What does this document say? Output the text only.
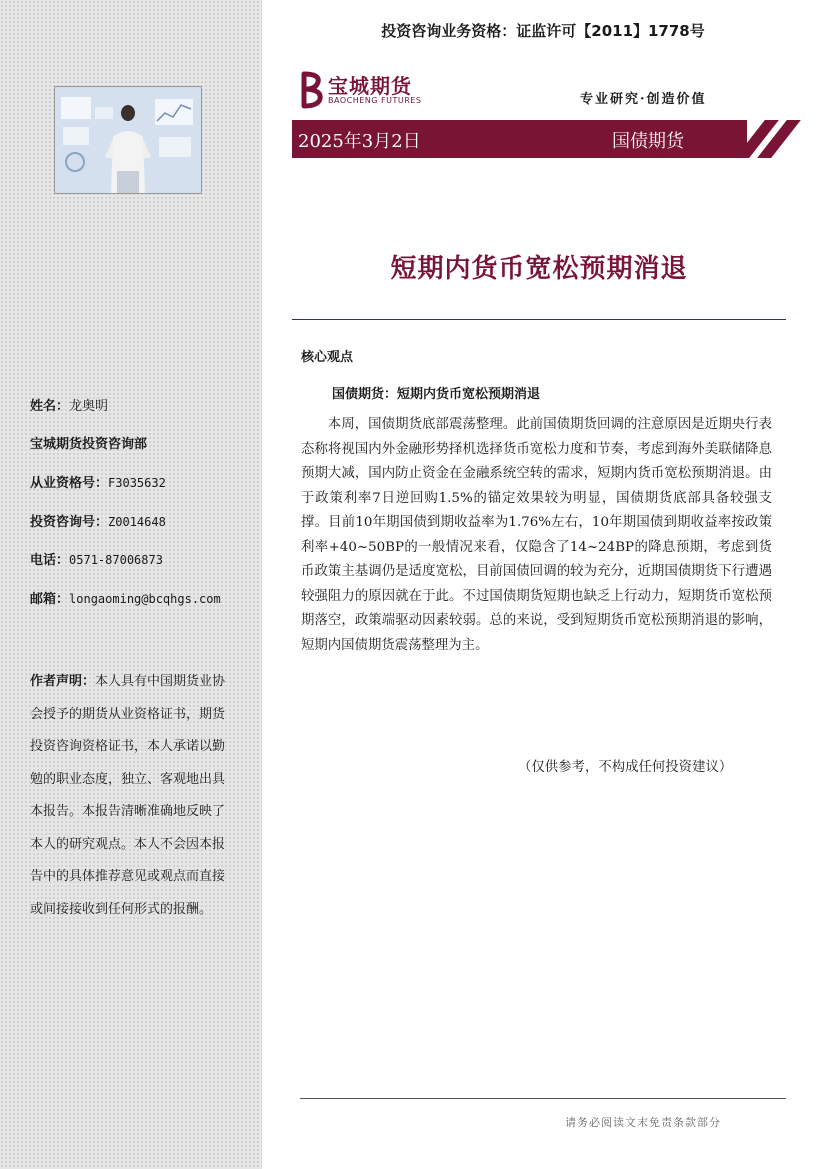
姓名：龙奥明
宝城期货投资咨询部
从业资格号：F3035632
投资咨询号：Z0014648
电话：0571-87006873
邮箱：longaoming@bcqhgs.com
作者声明：本人具有中国期货业协会授予的期货从业资格证书，期货投资咨询资格证书，本人承诺以勤勉的职业态度，独立、客观地出具本报告。本报告清晰准确地反映了本人的研究观点。本人不会因本报告中的具体推荐意见或观点而直接或间接接收到任何形式的报酬。
投资咨询业务资格：证监许可【2011】1778号
宝城期货
BAOCHENG FUTURES	专业研究·创造价值
2025年3月2日	国债期货
短期内货币宽松预期消退
核心观点
国债期货：短期内货币宽松预期消退
本周，国债期货底部震荡整理。此前国债期货回调的注意原因是近期央行表态称将视国内外金融形势择机选择货币宽松力度和节奏，考虑到海外美联储降息预期大减，国内防止资金在金融系统空转的需求，短期内货币宽松预期消退。由于政策利率7日逆回购1.5%的锚定效果较为明显，国债期货底部具备较强支撑。目前10年期国债到期收益率为1.76%左右，10年期国债到期收益率按政策利率+40~50BP的一般情况来看，仅隐含了14~24BP的降息预期，考虑到货币政策主基调仍是适度宽松，目前国债回调的较为充分，近期国债期货下行遭遇较强阻力的原因就在于此。不过国债期货短期也缺乏上行动力，短期货币宽松预期落空，政策端驱动因素较弱。总的来说，受到短期货币宽松预期消退的影响，短期内国债期货震荡整理为主。
（仅供参考，不构成任何投资建议）
请务必阅读文末免责条款部分
